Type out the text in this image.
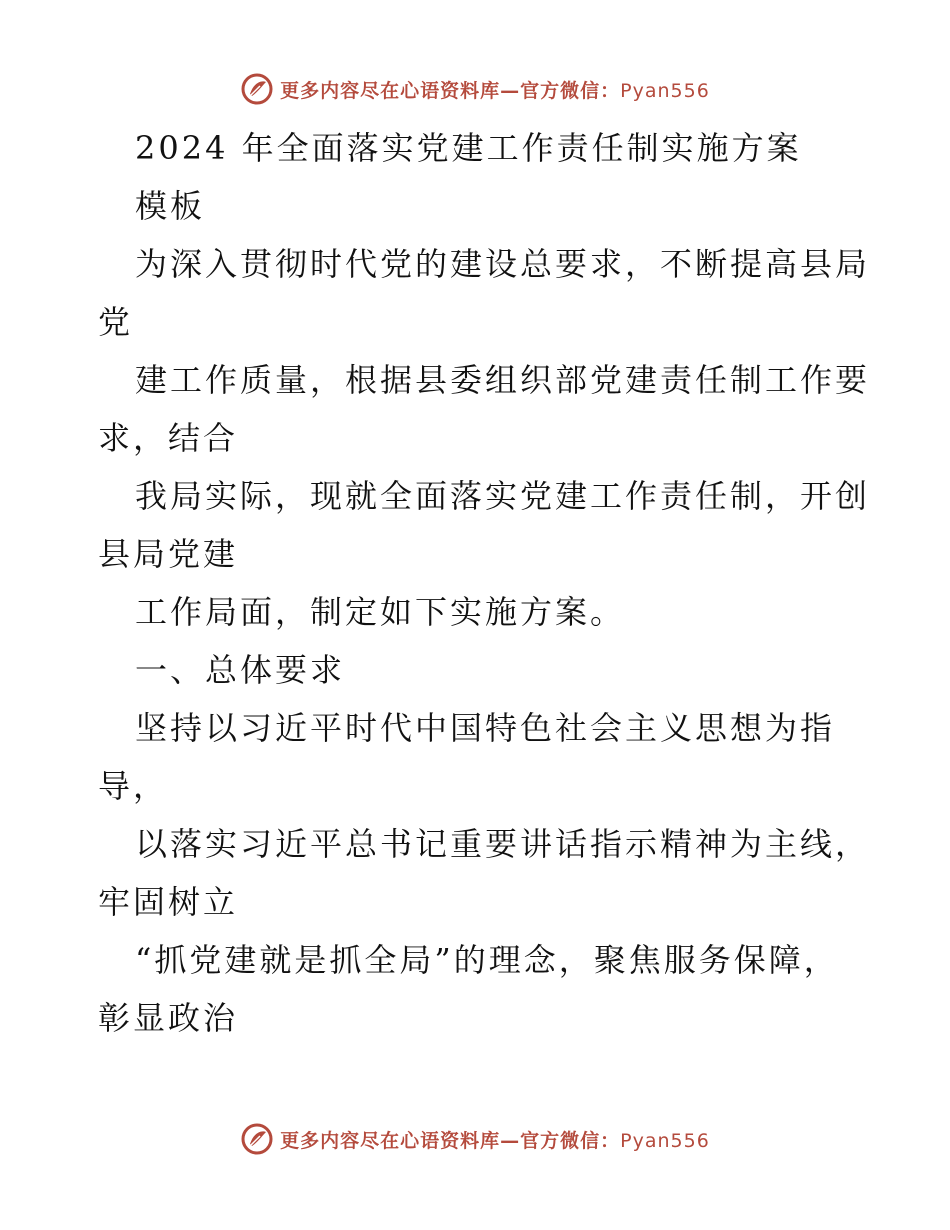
更多内容尽在心语资料库—官方微信：Pyan556
2024 年全面落实党建工作责任制实施方案
模板
为深入贯彻时代党的建设总要求，不断提高县局
党
建工作质量，根据县委组织部党建责任制工作要
求，结合
我局实际，现就全面落实党建工作责任制，开创
县局党建
工作局面，制定如下实施方案。
一、总体要求
坚持以习近平时代中国特色社会主义思想为指
导，
以落实习近平总书记重要讲话指示精神为主线，
牢固树立
“抓党建就是抓全局”的理念，聚焦服务保障，
彰显政治
更多内容尽在心语资料库—官方微信：Pyan556
